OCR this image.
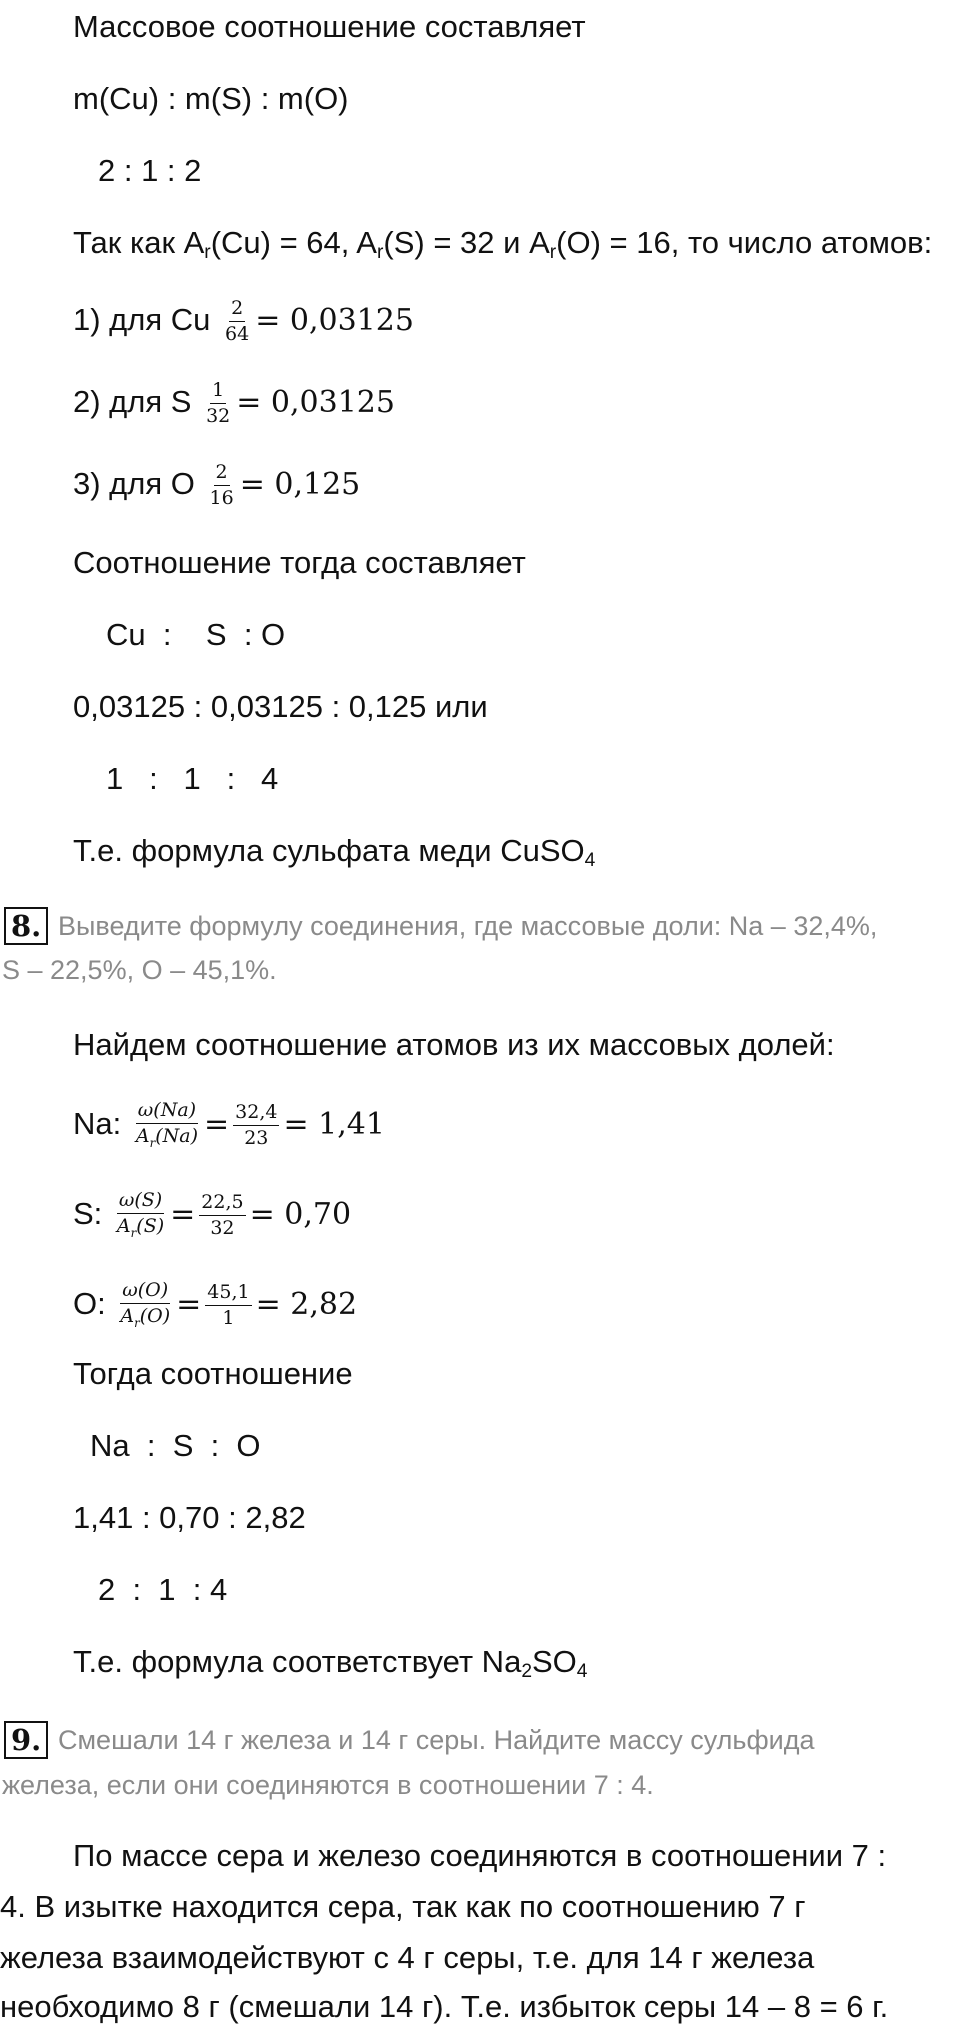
Массовое соотношение составляет
m(Cu) : m(S) : m(O)
2 : 1 : 2
Так как $A_r(Cu) = 64$, $A_r(S) = 32$ и $A_r(O) = 16$, то число атомов:
1) для Cu $\frac{2}{64} = 0,03125$
2) для S $\frac{1}{32} = 0,03125$
3) для O $\frac{2}{16} = 0,125$
Соотношение тогда составляет
Cu  :    S  : O
0,03125 : 0,03125 : 0,125 или
1   :   1   :   4
Т.е. формула сульфата меди CuSO$_4$
8. Выведите формулу соединения, где массовые доли: Na – 32,4%,
S – 22,5%, O – 45,1%.
Найдем соотношение атомов из их массовых долей:
Na: $\frac{\omega(Na)}{A_r(Na)} = \frac{32,4}{23} = 1,41$
S: $\frac{\omega(S)}{A_r(S)} = \frac{22,5}{32} = 0,70$
O: $\frac{\omega(O)}{A_r(O)} = \frac{45,1}{1} = 2,82$
Тогда соотношение
Na  :  S  :  O
1,41 : 0,70 : 2,82
2  :  1  : 4
Т.е. формула соответствует $Na_2SO_4$
9. Смешали 14 г железа и 14 г серы. Найдите массу сульфида
железа, если они соединяются в соотношении 7 : 4.
По массе сера и железо соединяются в соотношении 7 :
4. В изытке находится сера, так как по соотношению 7 г
железа взаимодействуют с 4 г серы, т.е. для 14 г железа
необходимо 8 г (смешали 14 г). Т.е. избыток серы 14 – 8 = 6 г.
